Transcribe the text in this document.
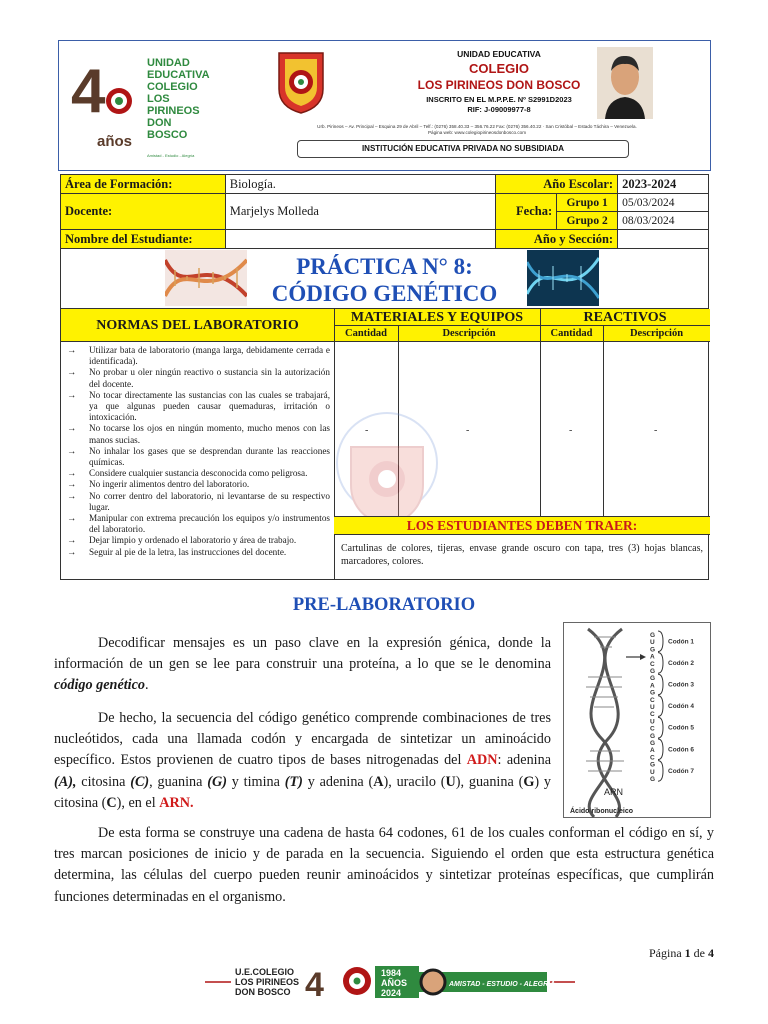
4
años
UNIDAD
EDUCATIVA
COLEGIO
LOS
PIRINEOS
DON
BOSCO
Amistad - Estudio - Alegría
UNIDAD EDUCATIVA
COLEGIO
LOS PIRINEOS DON BOSCO
INSCRITO EN EL M.P.P.E. Nº S2991D2023
RIF: J-09009977-8
Urb. Pirineos – Av. Principal – Esquina 29 de Abril – Telf.: (0276) 358.40.33 – 356.76.22 Fax: (0276) 356.40.22 · San Cristóbal – Estado Táchira – Venezuela.
Página web: www.colegiopirineosdonbosco.com
INSTITUCIÓN EDUCATIVA PRIVADA NO SUBSIDIADA
Área de Formación:	Biología.	Año Escolar:		2023-2024
Docente:	Marjelys Molleda	Fecha:	Grupo 1	05/03/2024
			Grupo 2	08/03/2024
Nombre del Estudiante:		Año y Sección:		
PRÁCTICA N° 8:
CÓDIGO GENÉTICO
NORMAS DEL LABORATORIO
MATERIALES Y EQUIPOS	REACTIVOS
Cantidad	Descripción	Cantidad	Descripción
-	-	-	-
→ Utilizar bata de laboratorio (manga larga, debidamente cerrada e identificada).
→ No probar u oler ningún reactivo o sustancia sin la autorización del docente.
→ No tocar directamente las sustancias con las cuales se trabajará, ya que algunas pueden causar quemaduras, irritación o intoxicación.
→ No tocarse los ojos en ningún momento, mucho menos con las manos sucias.
→ No inhalar los gases que se desprendan durante las reacciones químicas.
→ Considere cualquier sustancia desconocida como peligrosa.
→ No ingerir alimentos dentro del laboratorio.
→ No correr dentro del laboratorio, ni levantarse de su respectivo lugar.
→ Manipular con extrema precaución los equipos y/o instrumentos del laboratorio.
→ Dejar limpio y ordenado el laboratorio y área de trabajo.
→ Seguir al pie de la letra, las instrucciones del docente.
LOS ESTUDIANTES DEBEN TRAER:
Cartulinas de colores, tijeras, envase grande oscuro con tapa, tres (3) hojas blancas, marcadores, colores.
PRE-LABORATORIO

Decodificar mensajes es un paso clave en la expresión génica, donde la información de un gen se lee para construir una proteína, a lo que se le denomina código genético.

De hecho, la secuencia del código genético comprende combinaciones de tres nucleótidos, cada una llamada codón y encargada de sintetizar un aminoácido específico. Estos provienen de cuatro tipos de bases nitrogenadas del ADN: adenina (A), citosina (C), guanina (G) y timina (T) y adenina (A), uracilo (U), guanina (G) y citosina (C), en el ARN.

De esta forma se construye una cadena de hasta 64 codones, 61 de los cuales conforman el código en sí, y tres marcan posiciones de inicio y de parada en la secuencia. Siguiendo el orden que esta estructura genética determina, las células del cuerpo pueden reunir aminoácidos y sintetizar proteínas específicas, que cumplirán funciones determinadas en el organismo.

G
U
G
A
C
G
G
A
G
C
U
C
U
C
G
G
A
C
G
U
G
Codón 1
Codón 2
Codón 3
Codón 4
Codón 5
Codón 6
Codón 7
ARN
Ácido ribonucleico
Página 1 de 4
U.E.COLEGIO
LOS PIRINEOS
DON BOSCO 4	1984
AÑOS
2024
AMISTAD - ESTUDIO - ALEGRÍA
